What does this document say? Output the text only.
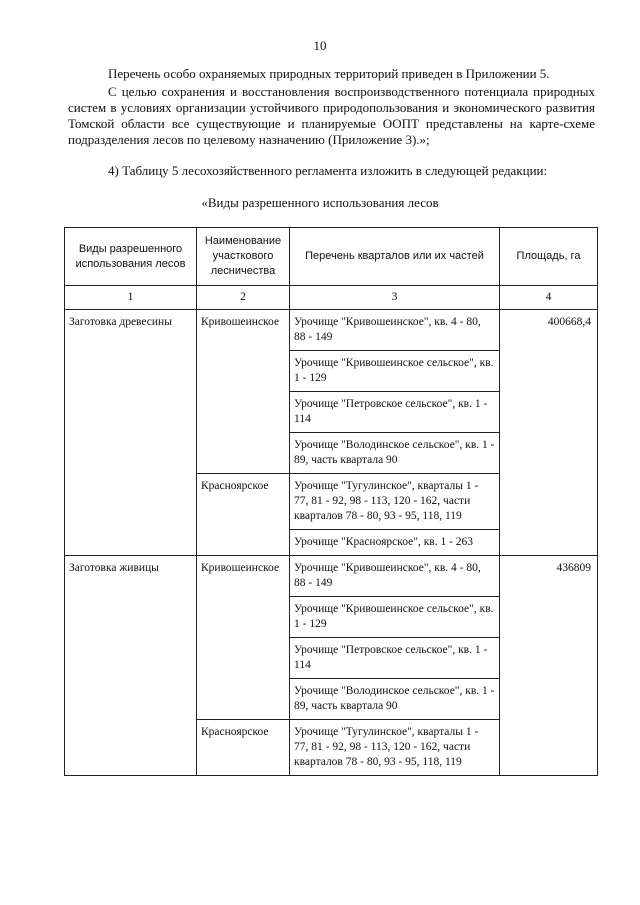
10
Перечень особо охраняемых природных территорий приведен в Приложении 5.
С целью сохранения и восстановления воспроизводственного потенциала природных систем в условиях организации устойчивого природопользования и экономического развития Томской области все существующие и планируемые ООПТ представлены на карте-схеме подразделения лесов по целевому назначению (Приложение 3).»;
4) Таблицу 5 лесохозяйственного регламента изложить в следующей редакции:
«Виды разрешенного использования лесов
Виды разрешенного использования лесов	Наименование участкового лесничества	Перечень кварталов или их частей	Площадь, га
1	2	3	4
Заготовка древесины	Кривошеинское	Урочище "Кривошеинское", кв. 4 - 80, 88 - 149	400668,4
		Урочище "Кривошеинское сельское", кв. 1 - 129	
		Урочище "Петровское сельское", кв. 1 - 114	
		Урочище "Володинское сельское", кв. 1 - 89, часть квартала 90	
	Красноярское	Урочище "Тугулинское", кварталы 1 - 77, 81 - 92, 98 - 113, 120 - 162, части кварталов 78 - 80, 93 - 95, 118, 119	
		Урочище "Красноярское", кв. 1 - 263	
Заготовка живицы	Кривошеинское	Урочище "Кривошеинское", кв. 4 - 80, 88 - 149	436809
		Урочище "Кривошеинское сельское", кв. 1 - 129	
		Урочище "Петровское сельское", кв. 1 - 114	
		Урочище "Володинское сельское", кв. 1 - 89, часть квартала 90	
	Красноярское	Урочище "Тугулинское", кварталы 1 - 77, 81 - 92, 98 - 113, 120 - 162, части кварталов 78 - 80, 93 - 95, 118, 119	
